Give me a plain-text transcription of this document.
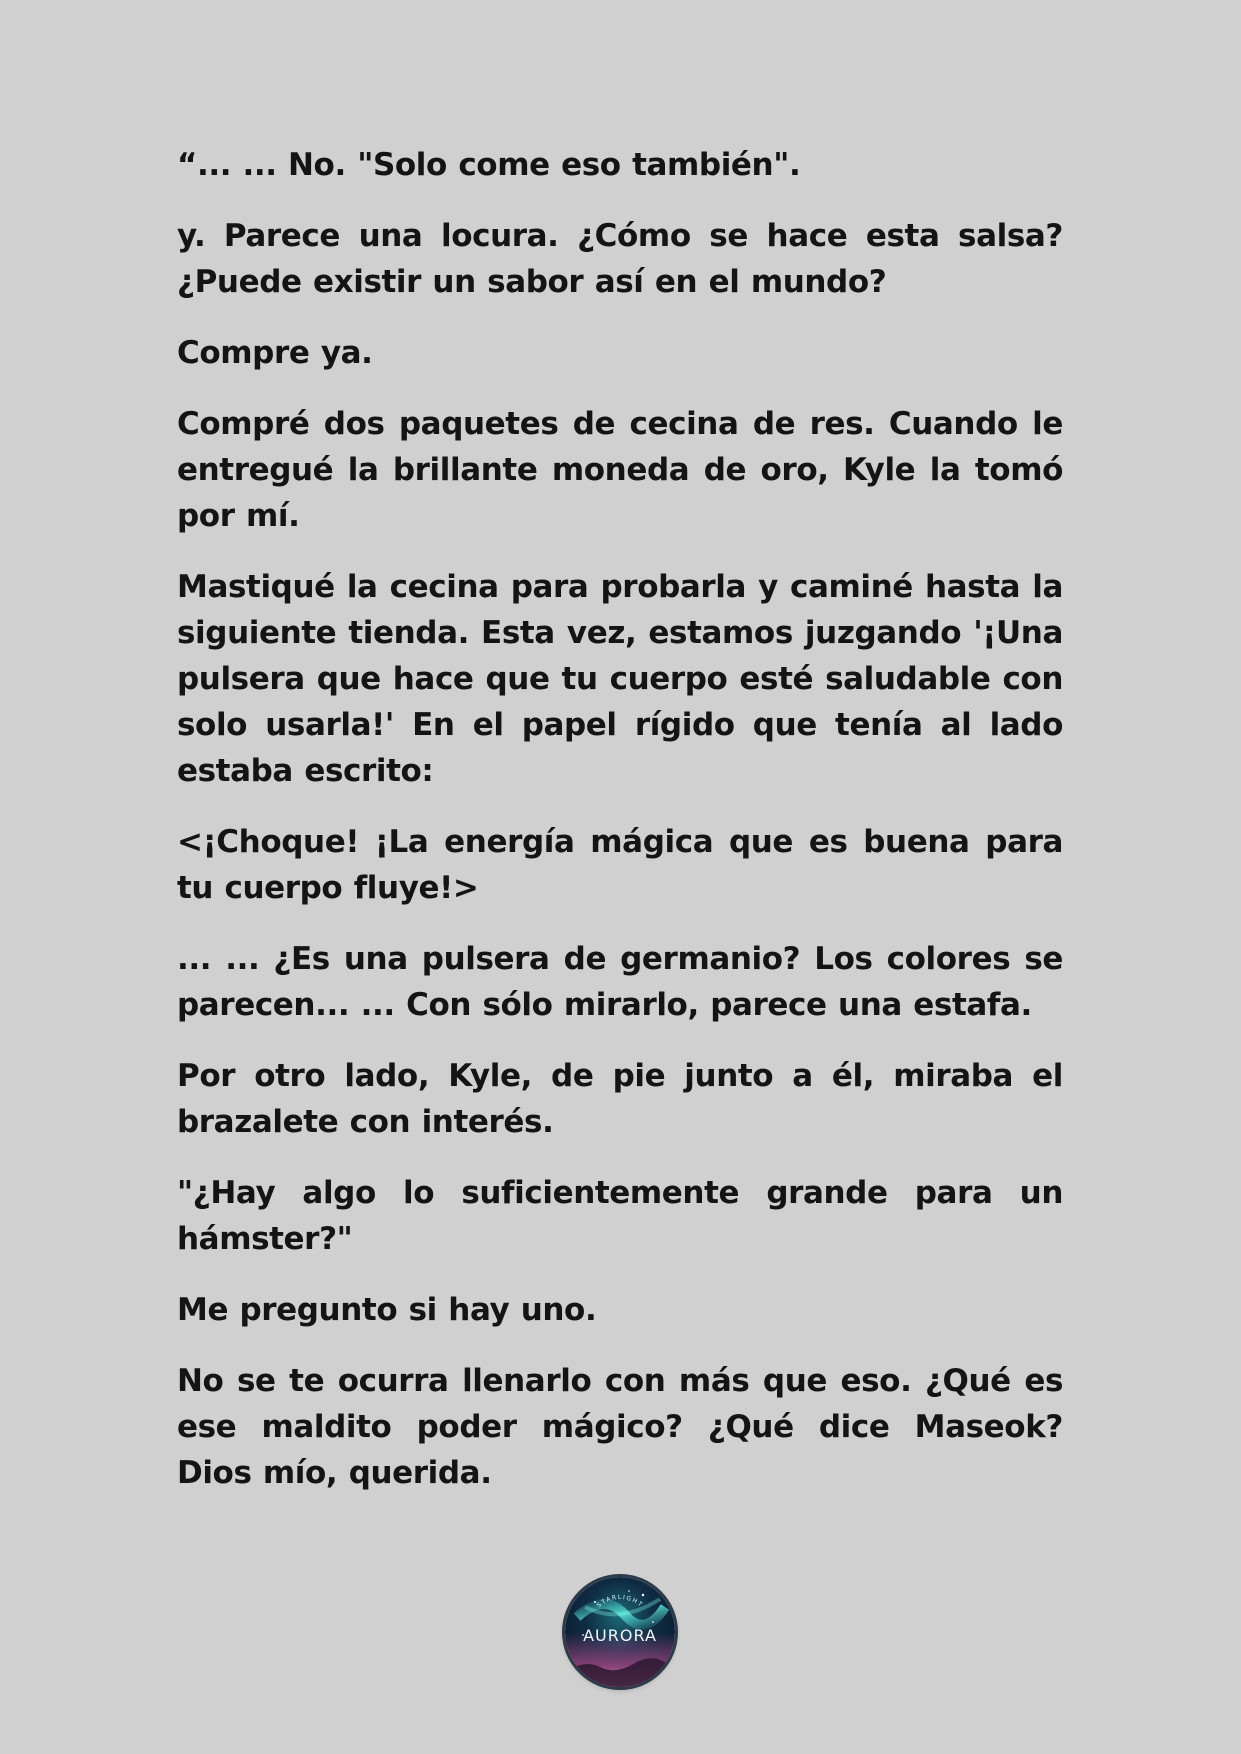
“... ... No. "Solo come eso también".

y. Parece una locura. ¿Cómo se hace esta salsa? ¿Puede existir un sabor así en el mundo?

Compre ya.

Compré dos paquetes de cecina de res. Cuando le entregué la brillante moneda de oro, Kyle la tomó por mí.

Mastiqué la cecina para probarla y caminé hasta la siguiente tienda. Esta vez, estamos juzgando '¡Una pulsera que hace que tu cuerpo esté saludable con solo usarla!' En el papel rígido que tenía al lado estaba escrito:

<¡Choque! ¡La energía mágica que es buena para tu cuerpo fluye!>

... ... ¿Es una pulsera de germanio? Los colores se parecen... ... Con sólo mirarlo, parece una estafa.

Por otro lado, Kyle, de pie junto a él, miraba el brazalete con interés.

"¿Hay algo lo suficientemente grande para un hámster?"

Me pregunto si hay uno.

No se te ocurra llenarlo con más que eso. ¿Qué es ese maldito poder mágico? ¿Qué dice Maseok? Dios mío, querida.

STARLIGHT
AURORA
